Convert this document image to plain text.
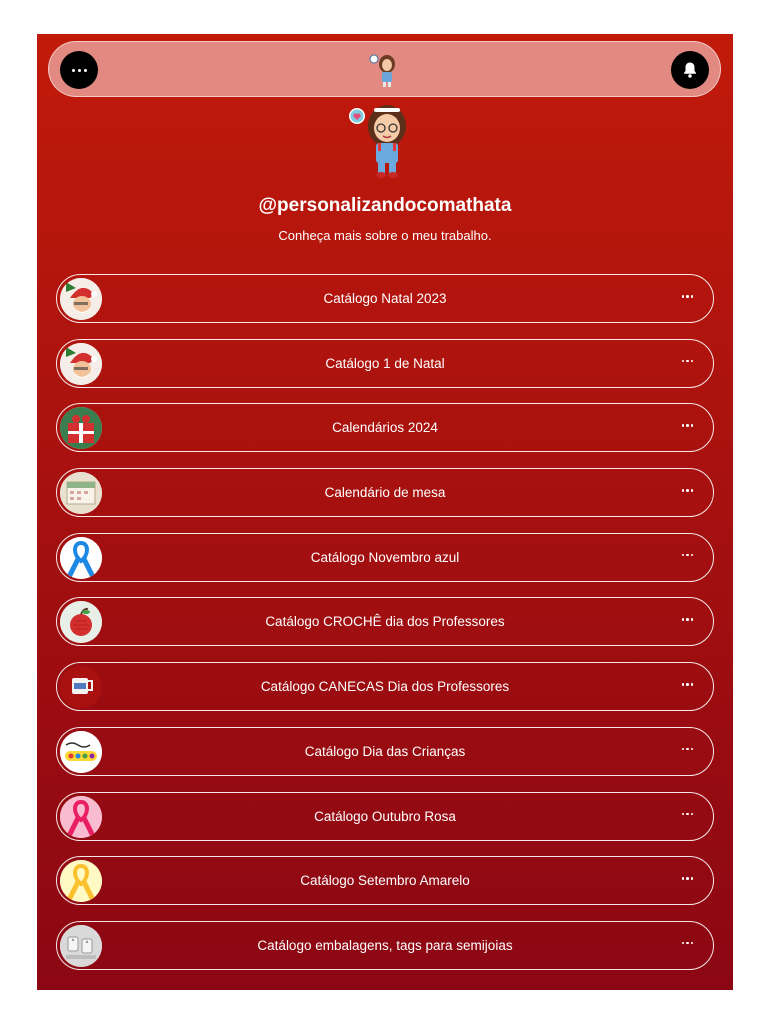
@personalizandocomathata
Conheça mais sobre o meu trabalho.
Catálogo Natal 2023
Catálogo 1 de Natal
Calendários 2024
Calendário de mesa
Catálogo Novembro azul
Catálogo CROCHÊ dia dos Professores
Catálogo CANECAS Dia dos Professores
Catálogo Dia das Crianças
Catálogo Outubro Rosa
Catálogo Setembro Amarelo
Catálogo embalagens, tags para semijoias
